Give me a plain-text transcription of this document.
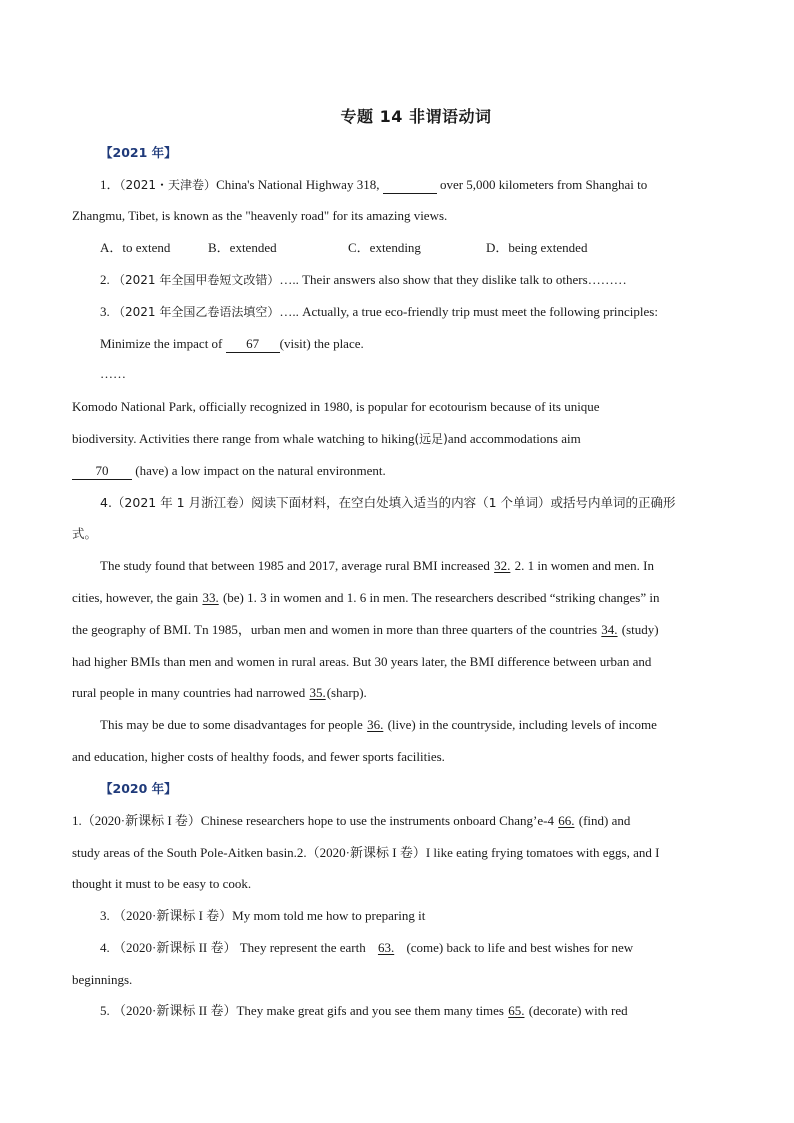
专题 14 非谓语动词
【2021 年】
1．（2021・天津卷）China's National Highway 318,	over 5,000 kilometers from Shanghai to
Zhangmu, Tibet, is known as the "heavenly road" for its amazing views.
A．to extend	B．extended	C．extending	D．being extended
2. （2021 年全国甲卷短文改错）….. Their answers also show that they dislike talk to others………
3. （2021 年全国乙卷语法填空）….. Actually, a true eco-friendly trip must meet the following principles:
Minimize the impact of 67 (visit) the place.
……
Komodo National Park, officially recognized in 1980, is popular for ecotourism because of its unique
biodiversity. Activities there range from whale watching to hiking(远足)and accommodations aim
70 (have) a low impact on the natural environment.
4.（2021 年 1 月浙江卷）阅读下面材料，在空白处填入适当的内容（1 个单词）或括号内单词的正确形
式。
The study found that between 1985 and 2017, average rural BMI increased 32. 2. 1 in women and men. In
cities, however, the gain 33. (be) 1. 3 in women and 1. 6 in men. The researchers described “striking changes” in
the geography of BMI. Tn 1985，urban men and women in more than three quarters of the countries 34. (study)
had higher BMIs than men and women in rural areas. But 30 years later, the BMI difference between urban and
rural people in many countries had narrowed 35.(sharp).
This may be due to some disadvantages for people 36. (live) in the countryside, including levels of income
and education, higher costs of healthy foods, and fewer sports facilities.
【2020 年】
1.（2020·新课标 I 卷）Chinese researchers hope to use the instruments onboard Chang’e-4 66. (find) and
study areas of the South Pole-Aitken basin.2.（2020·新课标 I 卷）I like eating frying tomatoes with eggs, and I
thought it must to be easy to cook.
3. （2020·新课标 I 卷）My mom told me how to preparing it
4. （2020·新课标 II 卷） They represent the earth 63. (come) back to life and best wishes for new
beginnings.
5. （2020·新课标 II 卷）They make great gifs and you see them many times 65. (decorate) with red
